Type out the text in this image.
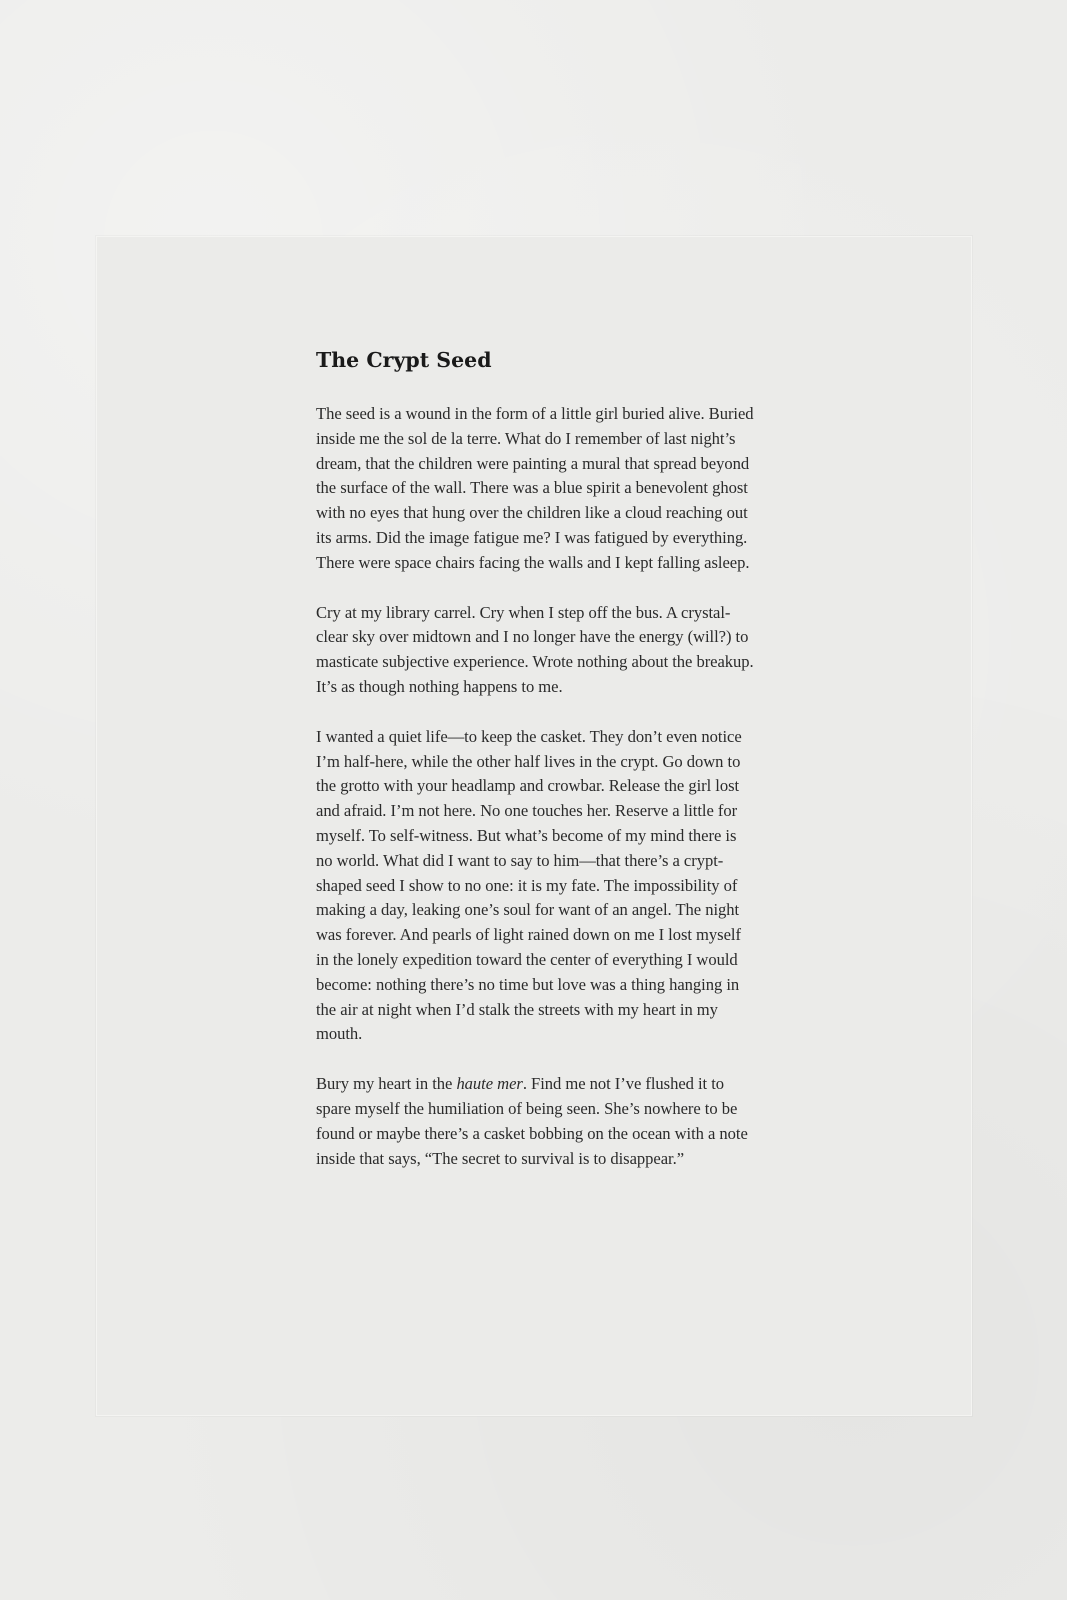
The Crypt Seed

The seed is a wound in the form of a little girl buried alive. Buried inside me the sol de la terre. What do I remember of last night’s dream, that the children were painting a mural that spread beyond the surface of the wall. There was a blue spirit a benevolent ghost with no eyes that hung over the children like a cloud reaching out its arms. Did the image fatigue me? I was fatigued by everything. There were space chairs facing the walls and I kept falling asleep.

Cry at my library carrel. Cry when I step off the bus. A crystal-clear sky over midtown and I no longer have the energy (will?) to masticate subjective experience. Wrote nothing about the breakup. It’s as though nothing happens to me.

I wanted a quiet life—to keep the casket. They don’t even notice I’m half-here, while the other half lives in the crypt. Go down to the grotto with your headlamp and crowbar. Release the girl lost and afraid. I’m not here. No one touches her. Reserve a little for myself. To self-witness. But what’s become of my mind there is no world. What did I want to say to him—that there’s a crypt-shaped seed I show to no one: it is my fate. The impossibility of making a day, leaking one’s soul for want of an angel. The night was forever. And pearls of light rained down on me I lost myself in the lonely expedition toward the center of everything I would become: nothing there’s no time but love was a thing hanging in the air at night when I’d stalk the streets with my heart in my mouth.

Bury my heart in the haute mer. Find me not I’ve flushed it to spare myself the humiliation of being seen. She’s nowhere to be found or maybe there’s a casket bobbing on the ocean with a note inside that says, “The secret to survival is to disappear.”
